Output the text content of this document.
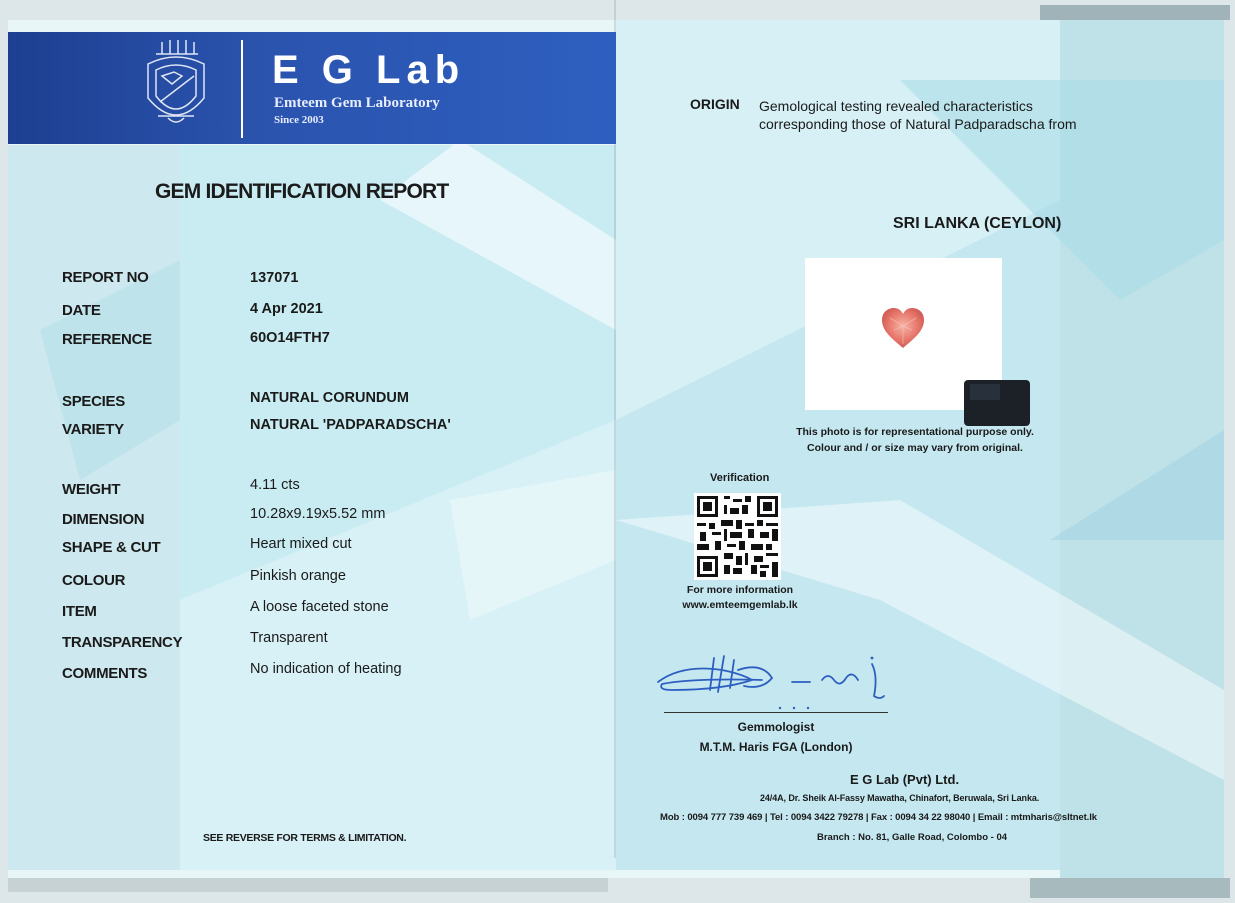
E G Lab
Emteem Gem Laboratory
Since 2003
GEM IDENTIFICATION REPORT
REPORT NO
DATE
REFERENCE
SPECIES
VARIETY
WEIGHT
DIMENSION
SHAPE & CUT
COLOUR
ITEM
TRANSPARENCY
COMMENTS
137071
4 Apr 2021
60O14FTH7
NATURAL CORUNDUM
NATURAL 'PADPARADSCHA'
4.11 cts
10.28x9.19x5.52 mm
Heart mixed cut
Pinkish orange
A loose faceted stone
Transparent
No indication of heating
SEE REVERSE FOR TERMS & LIMITATION.
ORIGIN Gemological testing revealed characteristics
corresponding those of Natural Padparadscha from
SRI LANKA (CEYLON)
This photo is for representational purpose only.
Colour and / or size may vary from original.
Verification
For more information
www.emteemgemlab.lk
Gemmologist
M.T.M. Haris FGA (London)
E G Lab (Pvt) Ltd.
24/4A, Dr. Sheik Al-Fassy Mawatha, Chinafort, Beruwala, Sri Lanka.
Mob : 0094 777 739 469 | Tel : 0094 3422 79278 | Fax : 0094 34 22 98040 | Email : mtmharis@sltnet.lk
Branch : No. 81, Galle Road, Colombo - 04
